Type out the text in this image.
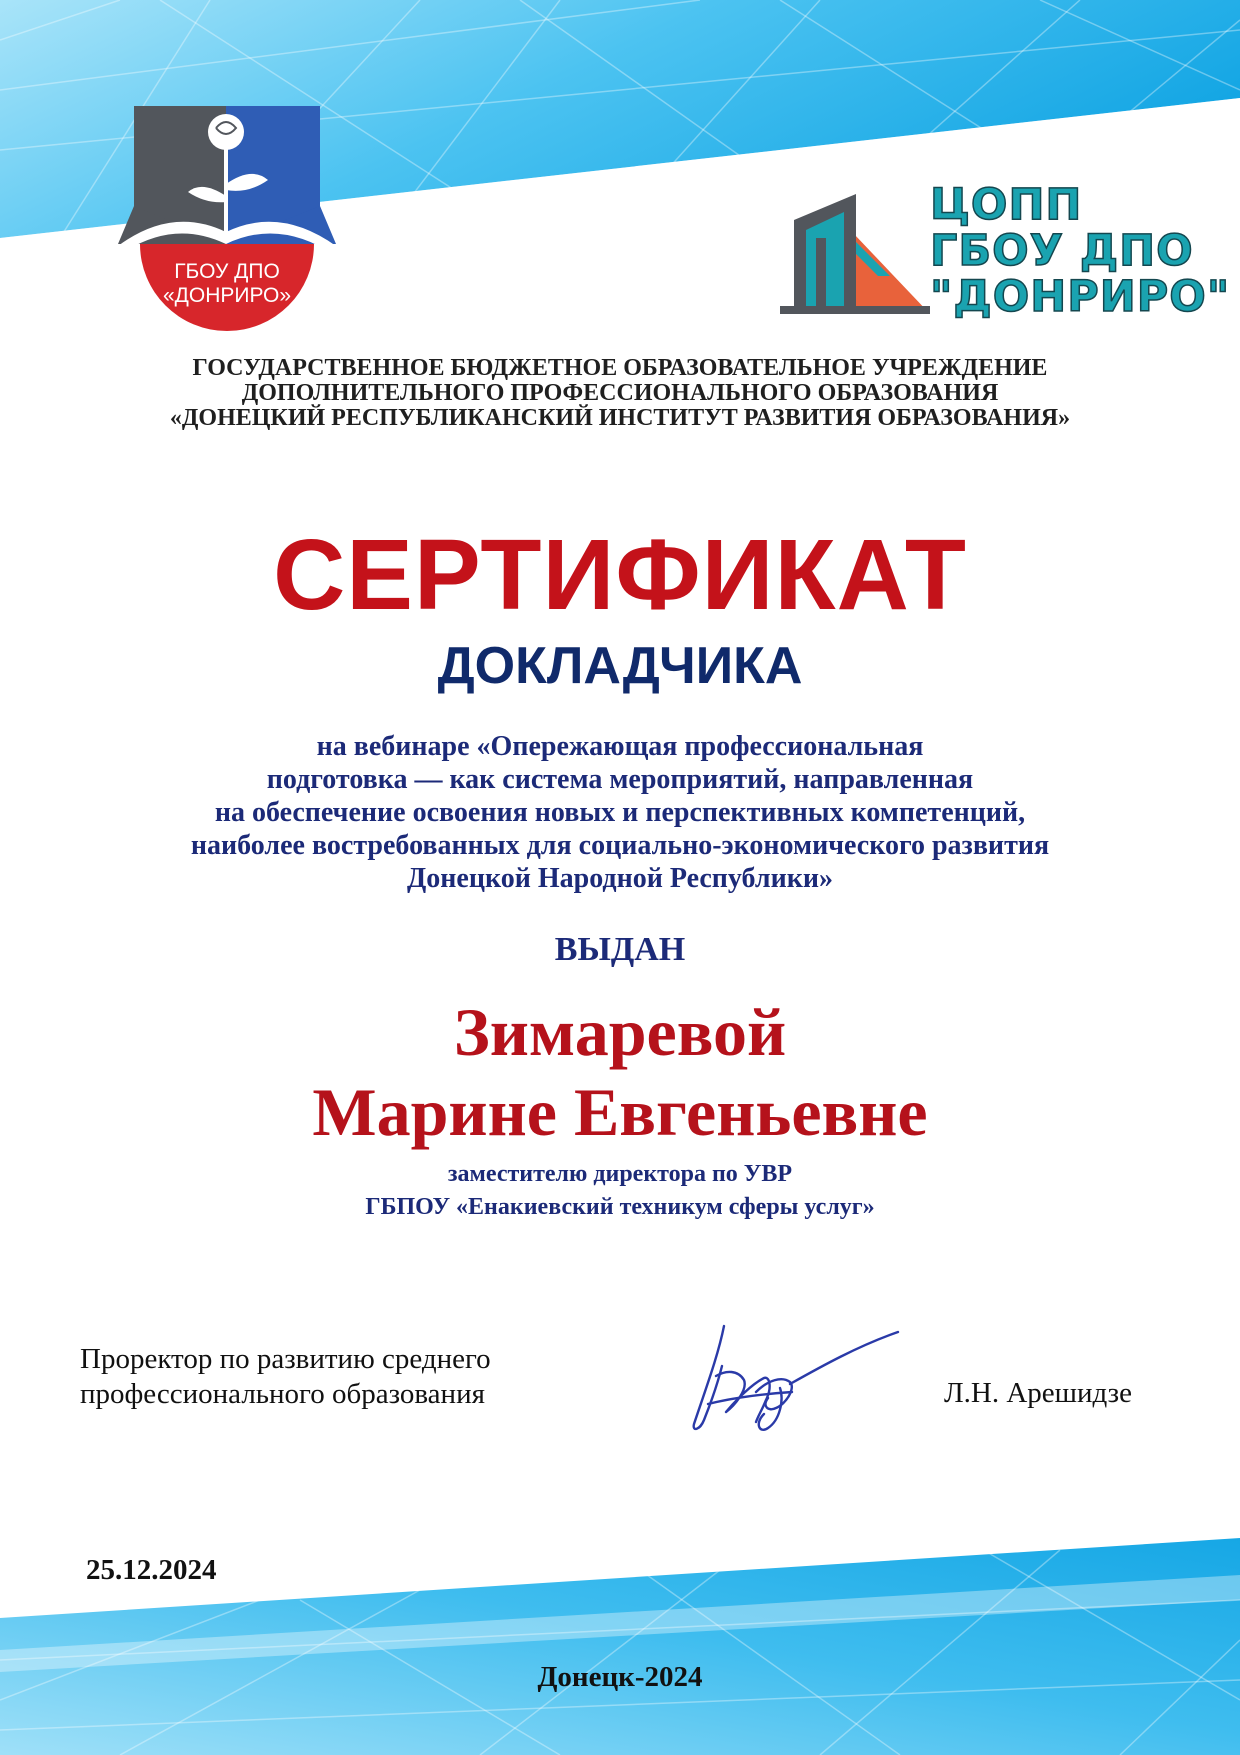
ГБОУ ДПО
«ДОНРИРО»
ЦОПП
ГБОУ ДПО
"ДОНРИРО"
ГОСУДАРСТВЕННОЕ БЮДЖЕТНОЕ ОБРАЗОВАТЕЛЬНОЕ УЧРЕЖДЕНИЕ
ДОПОЛНИТЕЛЬНОГО ПРОФЕССИОНАЛЬНОГО ОБРАЗОВАНИЯ
«ДОНЕЦКИЙ РЕСПУБЛИКАНСКИЙ ИНСТИТУТ РАЗВИТИЯ ОБРАЗОВАНИЯ»
СЕРТИФИКАТ
ДОКЛАДЧИКА
на вебинаре «Опережающая профессиональная
подготовка — как система мероприятий, направленная
на обеспечение освоения новых и перспективных компетенций,
наиболее востребованных для социально-экономического развития
Донецкой Народной Республики»
ВЫДАН
Зимаревой
Марине Евгеньевне
заместителю директора по УВР
ГБПОУ «Енакиевский техникум сферы услуг»
Проректор по развитию среднего
профессионального образования	Л.Н. Арешидзе
25.12.2024
Донецк-2024
